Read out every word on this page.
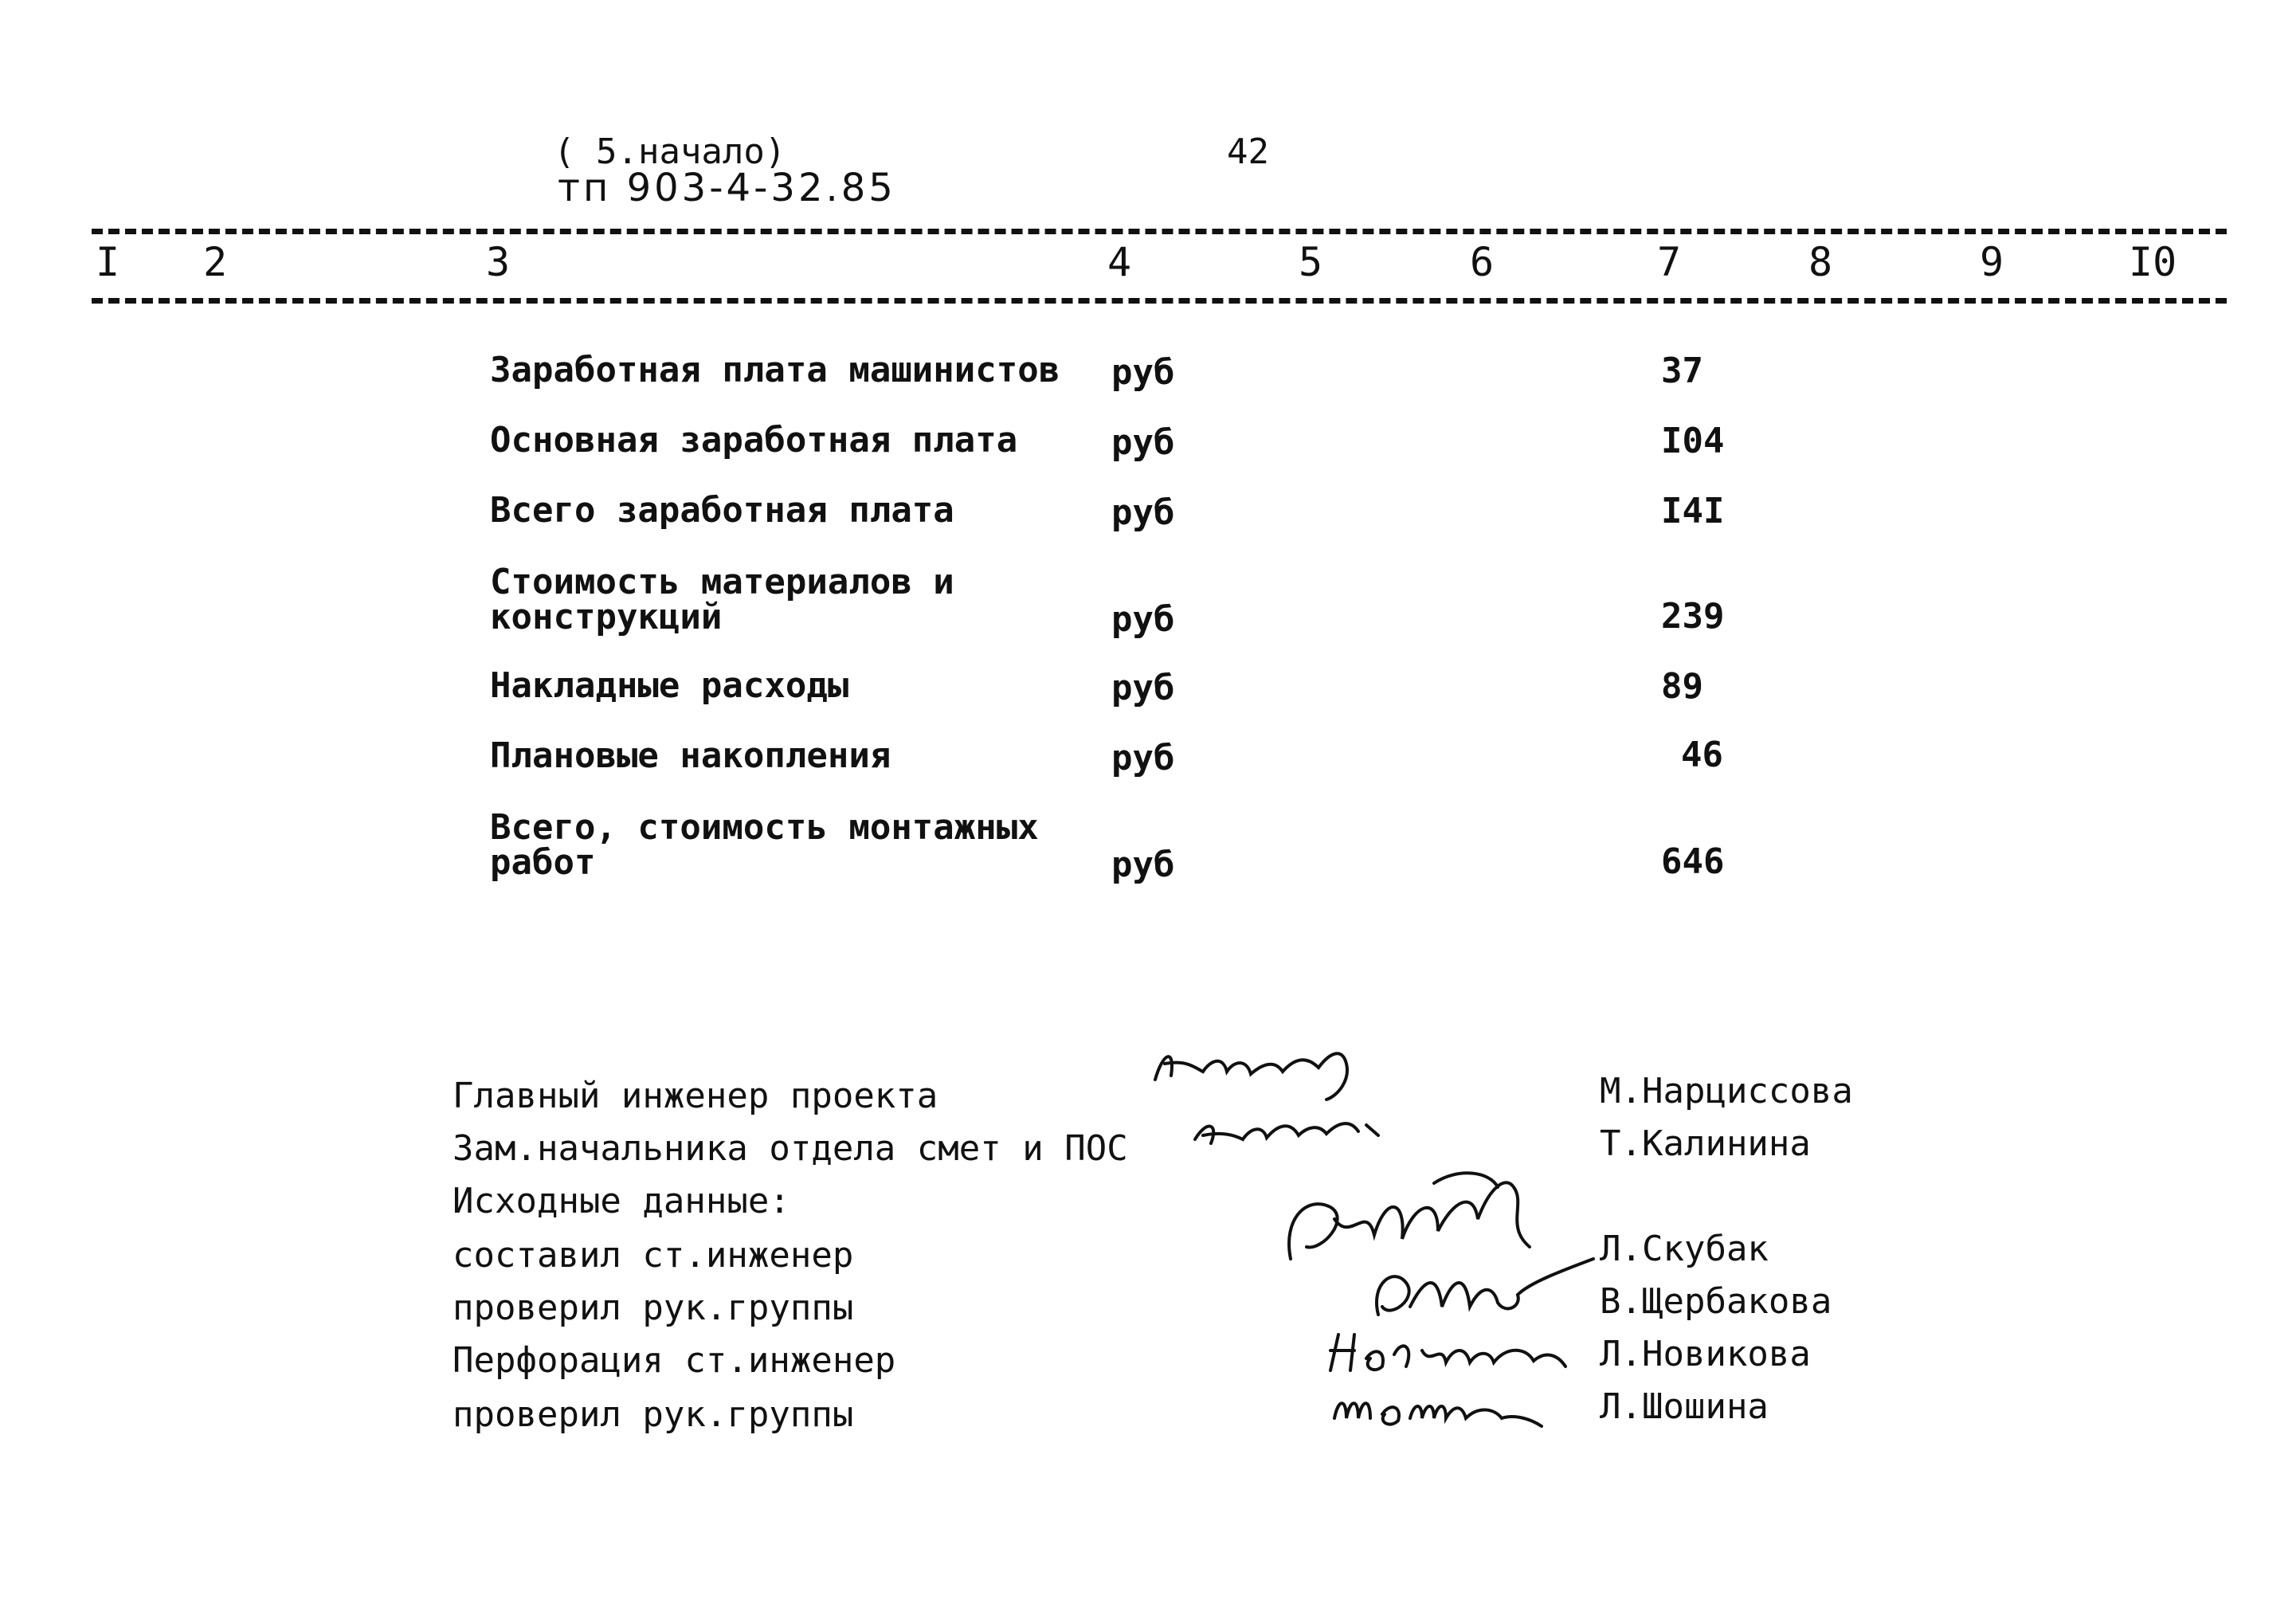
( 5.начало)
тп 903-4-32.85
42
I 2	3	4	5	6	7	8	9	I0
Заработная плата машинистов руб	37
Основная заработная плата	руб	I04
Всего заработная плата	руб	I4I
Стоимость материалов и
конструкций	руб	239
Накладные расходы	руб	89
Плановые накопления	руб	46
Всего, стоимость монтажных
работ	руб	646
Главный инженер проекта
Зам.начальника отдела смет и ПОС
Исходные данные:
составил ст.инженер
проверил рук.группы
Перфорация ст.инженер
проверил рук.группы
М.Нарциссова
Т.Калинина
Л.Скубак
В.Щербакова
Л.Новикова
Л.Шошина
